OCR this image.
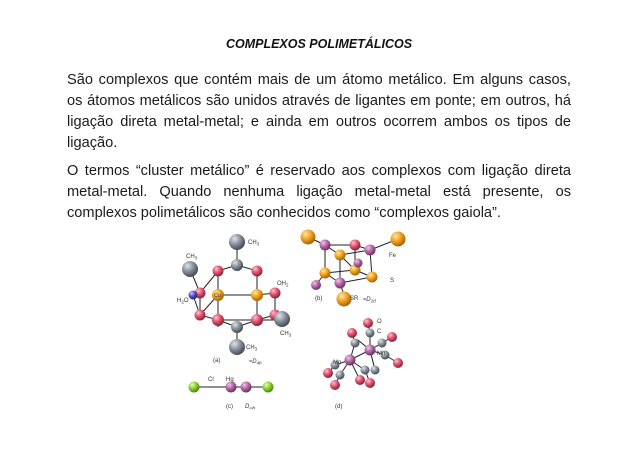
COMPLEXOS POLIMETÁLICOS
São complexos que contém mais de um átomo metálico. Em alguns casos, os átomos metálicos são unidos através de ligantes em ponte; em outros, há ligação direta metal-metal; e ainda em outros ocorrem ambos os tipos de ligação.
O termos “cluster metálico” é reservado aos complexos com ligação direta metal-metal. Quando nenhuma ligação metal-metal está presente, os complexos polimetálicos são conhecidos como “complexos gaiola”.
$CH_3$
$CH_3$
$OH_2$
$H_2O$
Cu
$CH_3$
$CH_3$
(a)	$\approx D_{4h}$
Fe
S
(b)	SR $\approx D_{2d}$
Cl Hg
(c) $D_{\infty h}$
O
C
Mn
Mn
(d)
